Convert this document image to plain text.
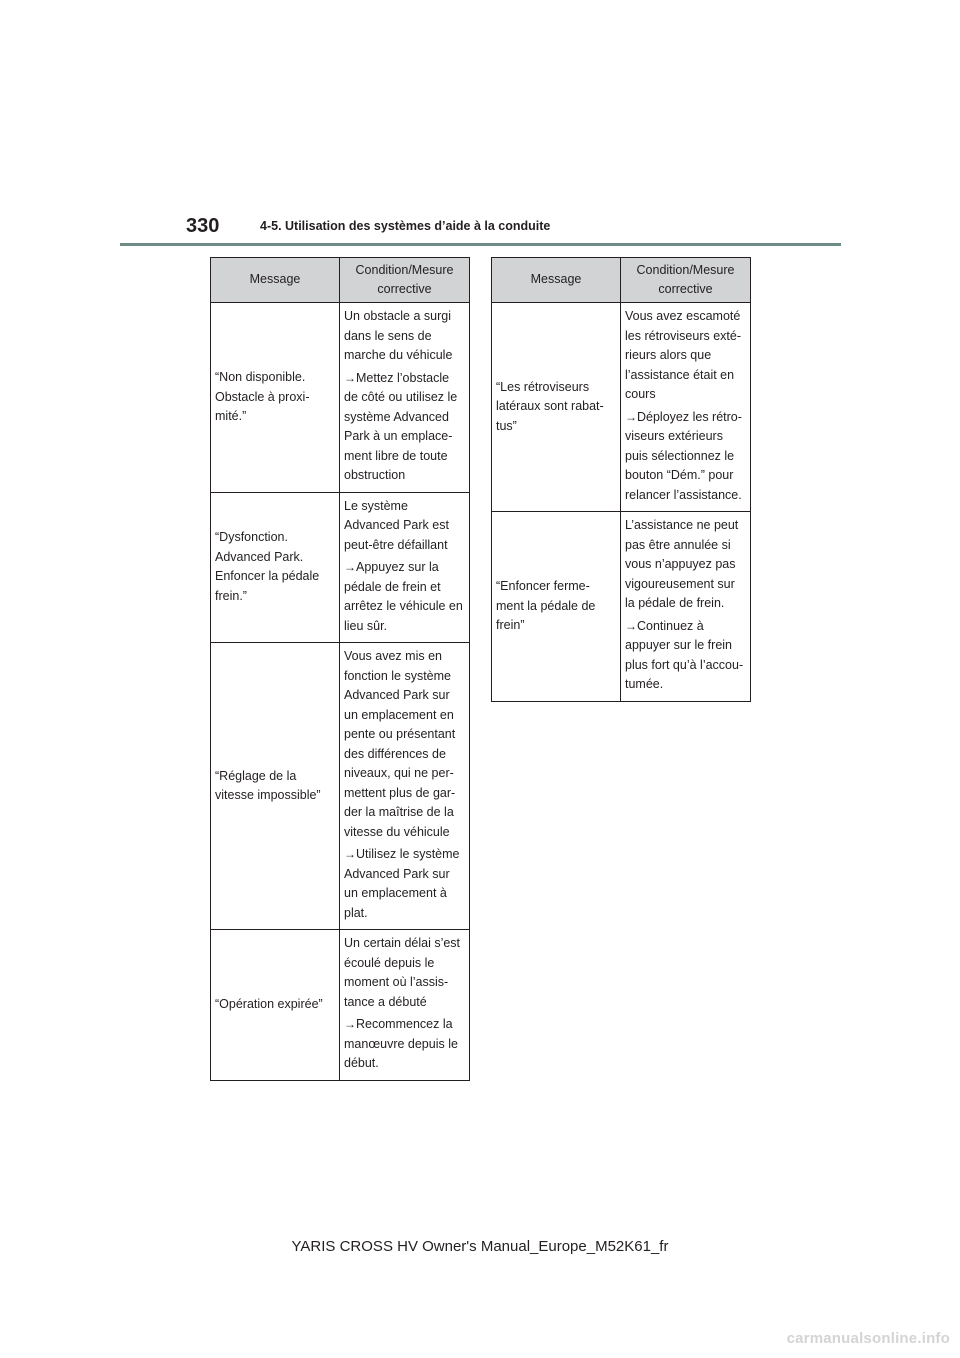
330	4-5. Utilisation des systèmes d’aide à la conduite
Message	Condition/Mesure corrective
“Non disponible. Obstacle à proxi-mité.”	Un obstacle a surgi dans le sens de marche du véhicule

→Mettez l’obstacle de côté ou utilisez le système Advanced Park à un emplace-ment libre de toute obstruction

“Dysfonction. Advanced Park. Enfoncer la pédale frein.”	Le système Advanced Park est peut-être défaillant

→Appuyez sur la pédale de frein et arrêtez le véhicule en lieu sûr.

“Réglage de la vitesse impossible”	Vous avez mis en fonction le système Advanced Park sur un emplacement en pente ou présentant des différences de niveaux, qui ne per-mettent plus de gar-der la maîtrise de la vitesse du véhicule

→Utilisez le système Advanced Park sur un emplacement à plat.

“Opération expirée”	Un certain délai s’est écoulé depuis le moment où l’assis-tance a débuté

→Recommencez la manœuvre depuis le début.

Message	Condition/Mesure corrective
“Les rétroviseurs latéraux sont rabat-tus”	Vous avez escamoté les rétroviseurs exté-rieurs alors que l’assistance était en cours

→Déployez les rétro-viseurs extérieurs puis sélectionnez le bouton “Dém.” pour relancer l’assistance.

“Enfoncer ferme-ment la pédale de frein”	L’assistance ne peut pas être annulée si vous n’appuyez pas vigoureusement sur la pédale de frein.

→Continuez à appuyer sur le frein plus fort qu’à l’accou-tumée.

YARIS CROSS HV Owner's Manual_Europe_M52K61_fr
carmanualsonline.info
